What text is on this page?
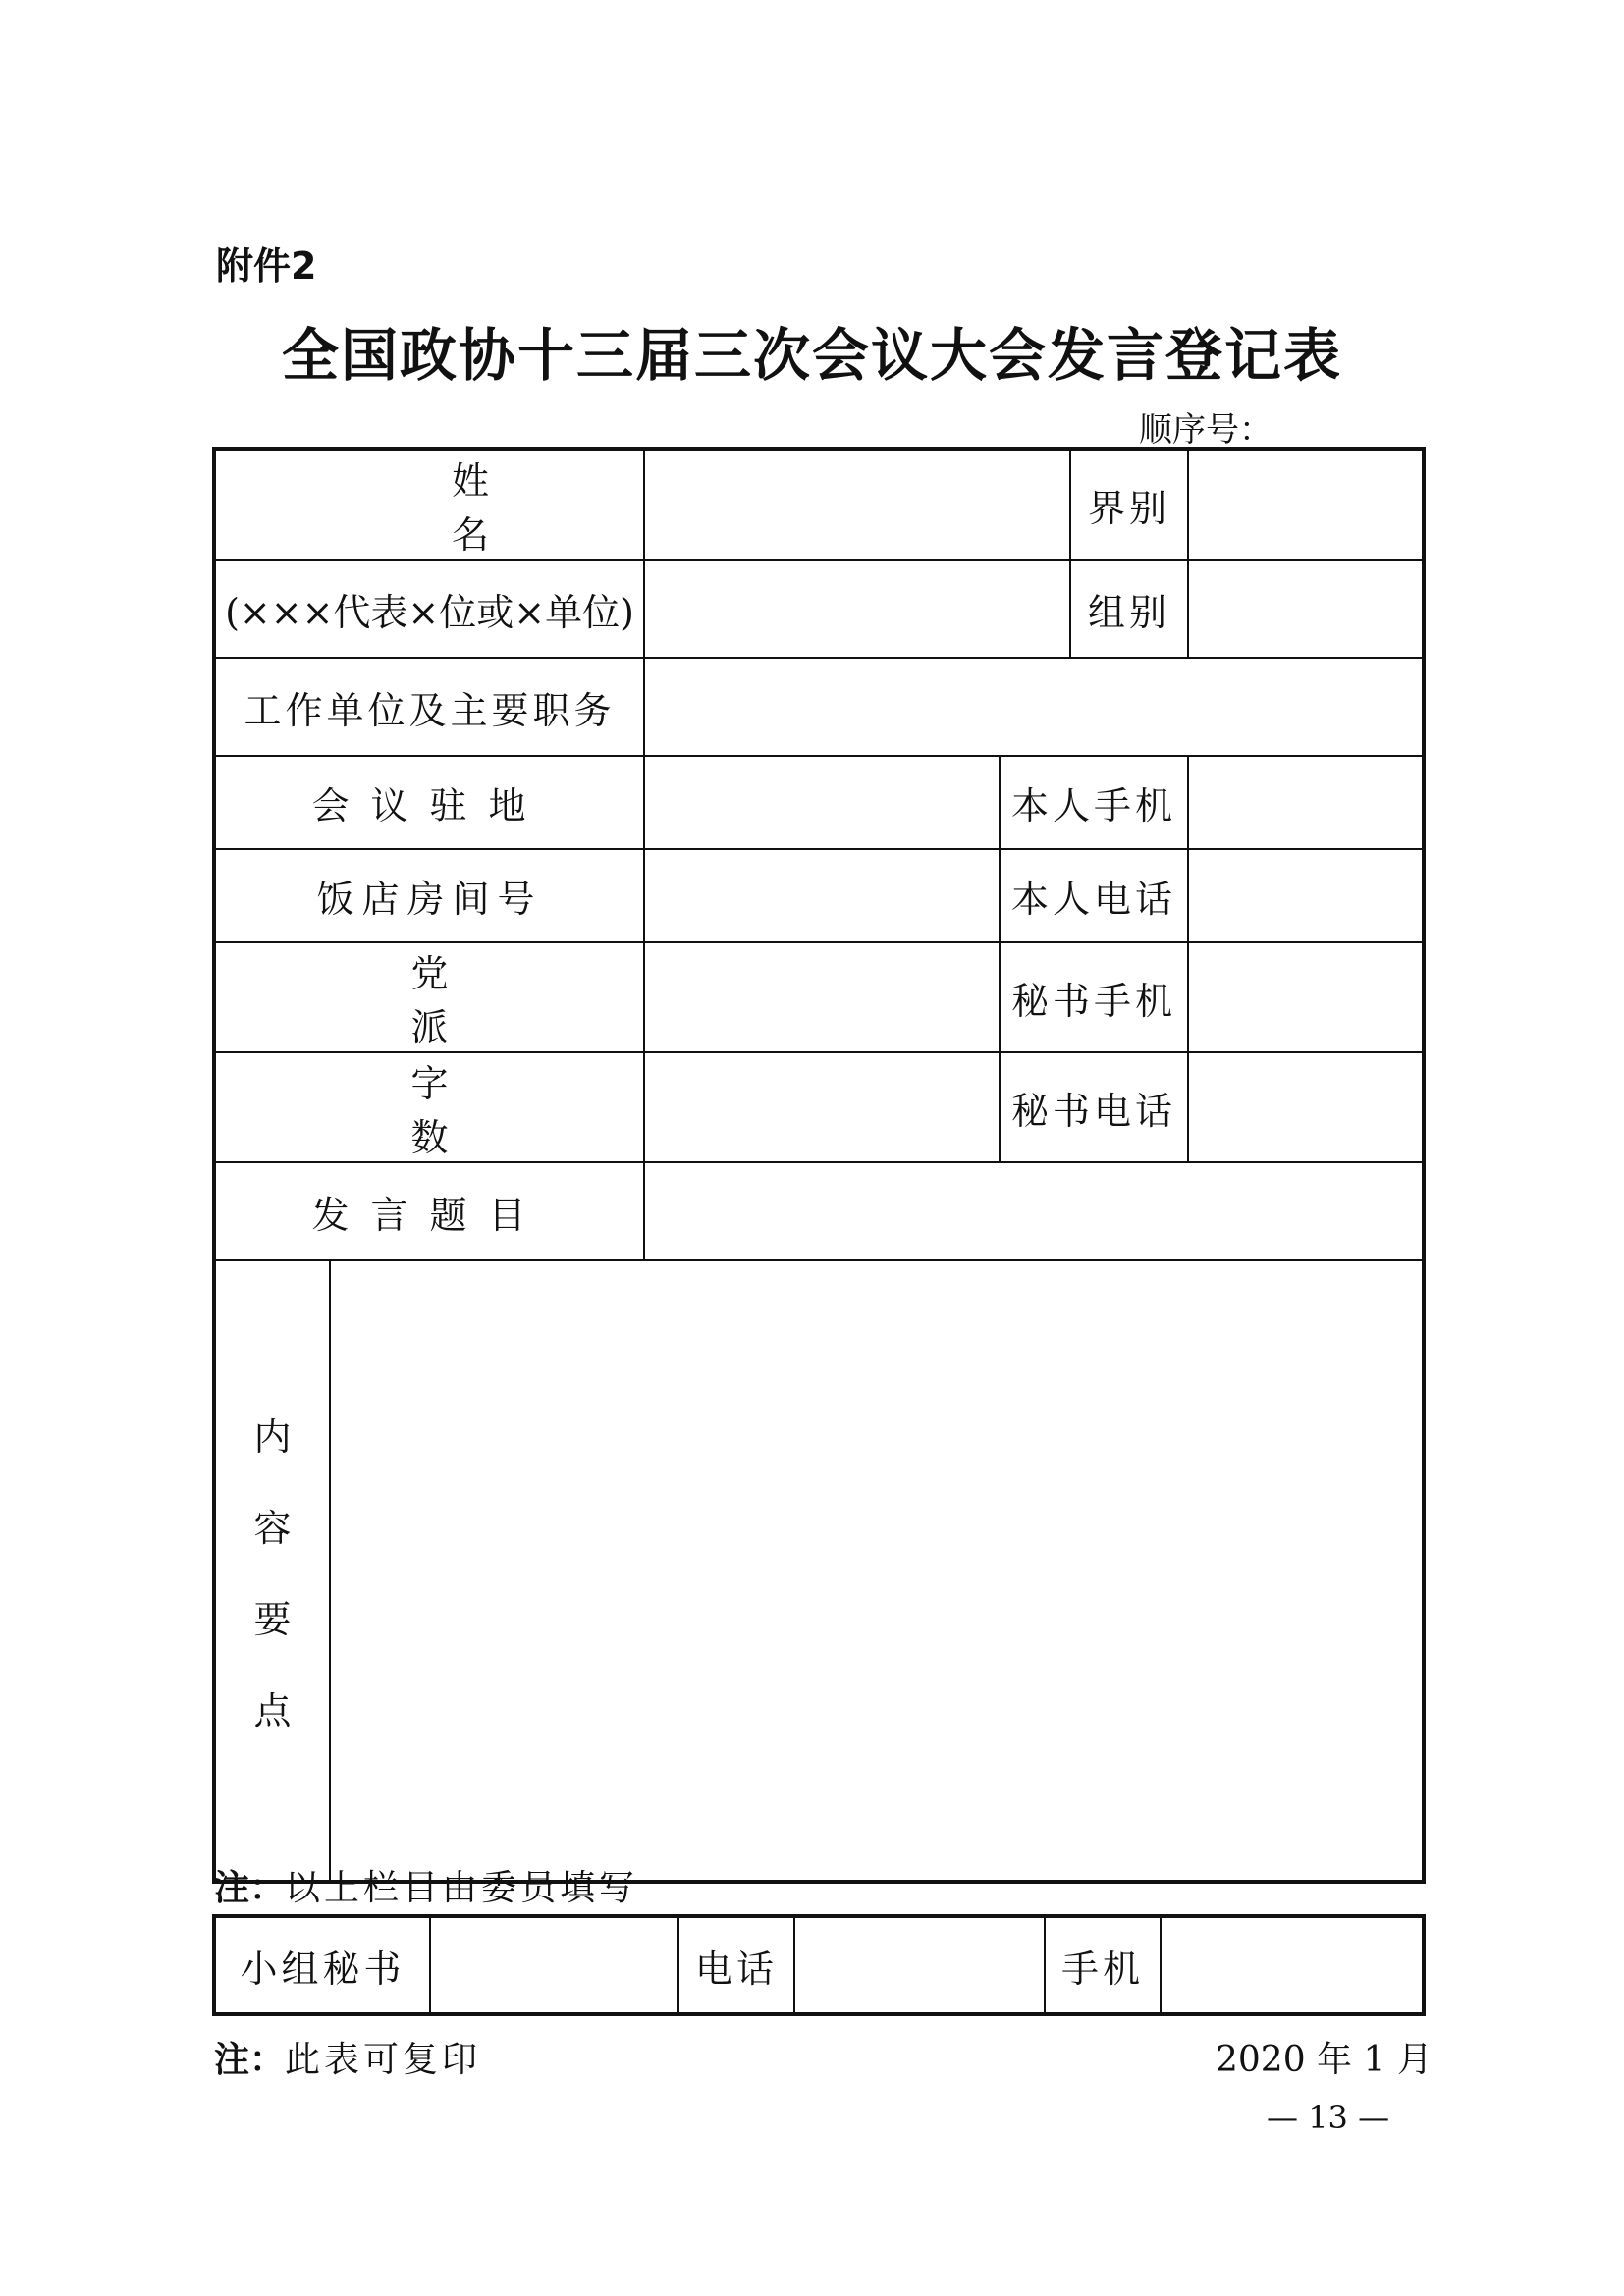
附件2
全国政协十三届三次会议大会发言登记表
顺序号：
姓名				界别	
(×××代表×位或×单位)				组别	
工作单位及主要职务					
会议驻地			本人手机		
饭店房间号			本人电话		
党派			秘书手机		
字数			秘书电话		
发言题目					

内
容
要
点					

注：以上栏目由委员填写
小组秘书		电话		手机	
注：此表可复印	2020 年 1 月
— 13 —
